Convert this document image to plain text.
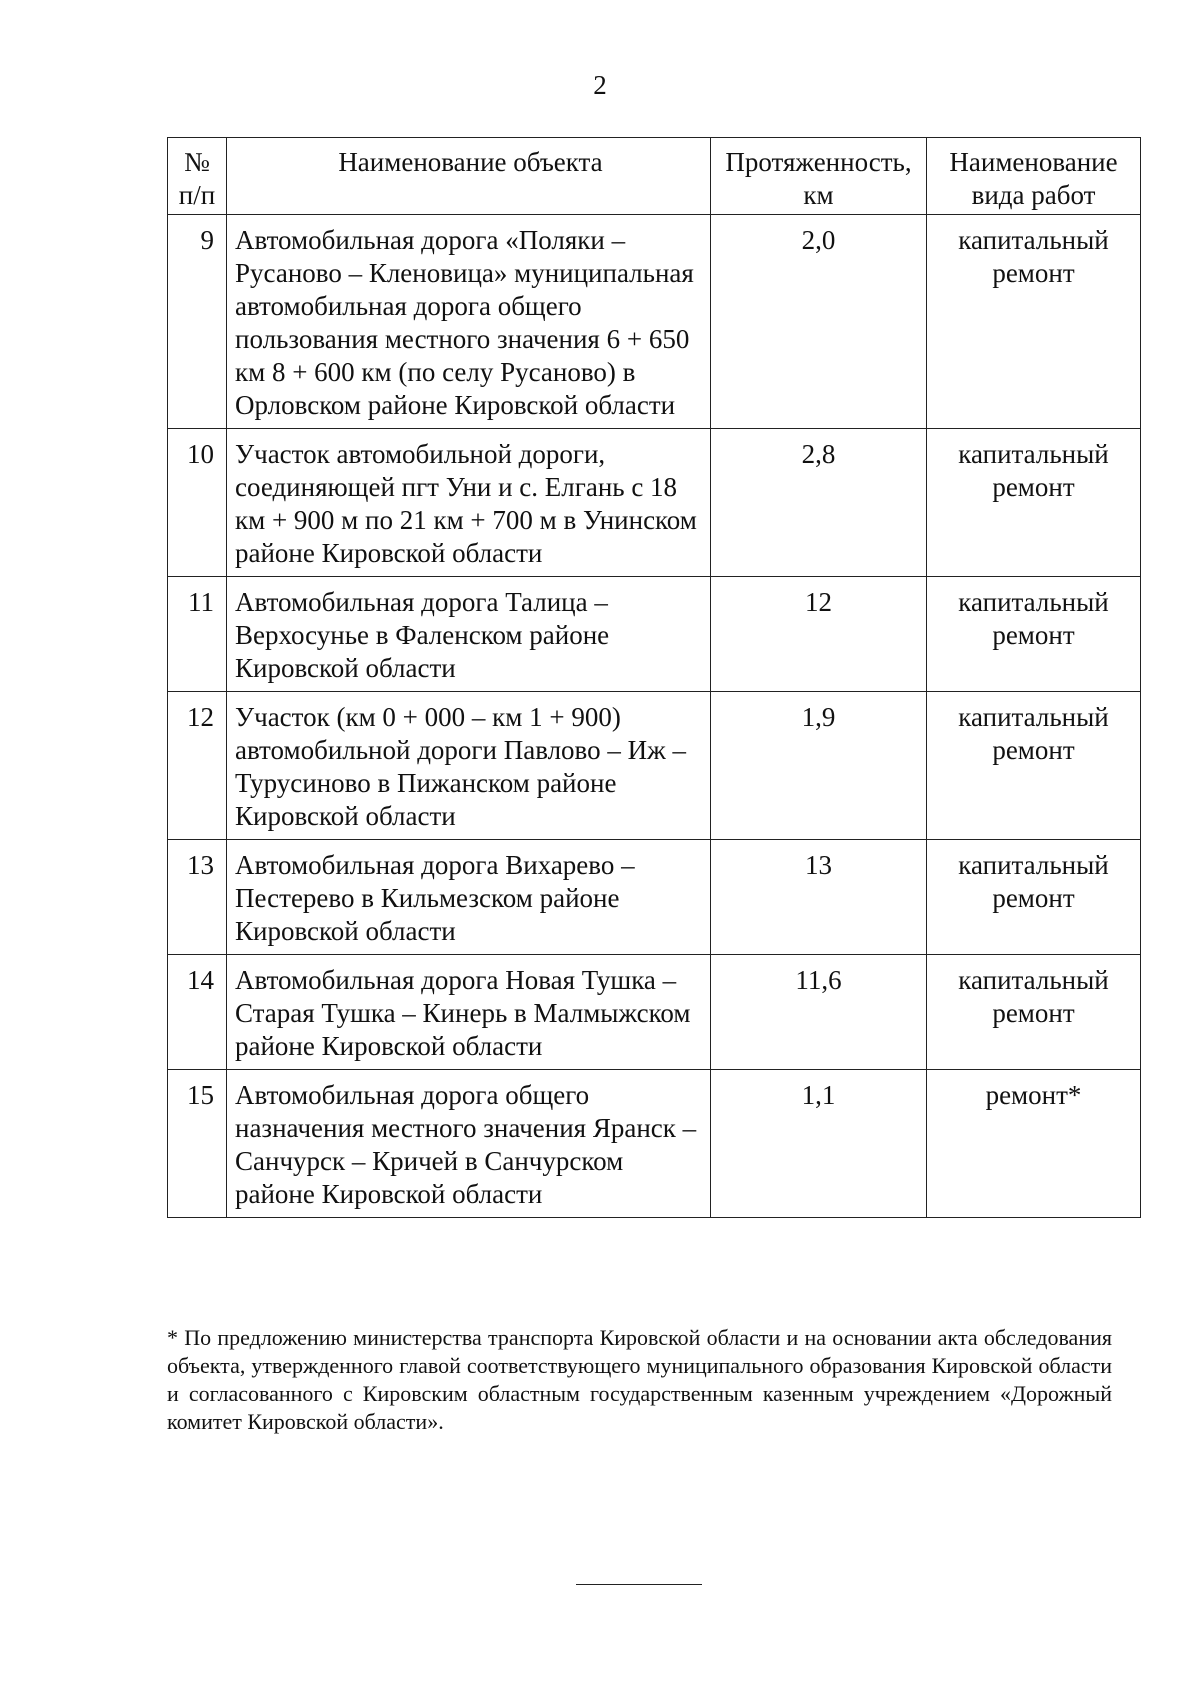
2
№ п/п	Наименование объекта	Протяженность, км	Наименование вида работ
9	Автомобильная дорога «Поляки – Русаново – Кленовица» муниципальная автомобильная дорога общего пользования местного значения 6 + 650 км 8 + 600 км (по селу Русаново) в Орловском районе Кировской области	2,0	капитальный ремонт
10	Участок автомобильной дороги, соединяющей пгт Уни и с. Елгань с 18 км + 900 м по 21 км + 700 м в Унинском районе Кировской области	2,8	капитальный ремонт
11	Автомобильная дорога Талица – Верхосунье в Фаленском районе Кировской области	12	капитальный ремонт
12	Участок (км 0 + 000 – км 1 + 900) автомобильной дороги Павлово – Иж – Турусиново в Пижанском районе Кировской области	1,9	капитальный ремонт
13	Автомобильная дорога Вихарево – Пестерево в Кильмезском районе Кировской области	13	капитальный ремонт
14	Автомобильная дорога Новая Тушка – Старая Тушка – Кинерь в Малмыжском районе Кировской области	11,6	капитальный ремонт
15	Автомобильная дорога общего назначения местного значения Яранск – Санчурск – Кричей в Санчурском районе Кировской области	1,1	ремонт*
* По предложению министерства транспорта Кировской области и на основании акта обследования объекта, утвержденного главой соответствующего муниципального образования Кировской области и согласованного с Кировским областным государственным казенным учреждением «Дорожный комитет Кировской области».
